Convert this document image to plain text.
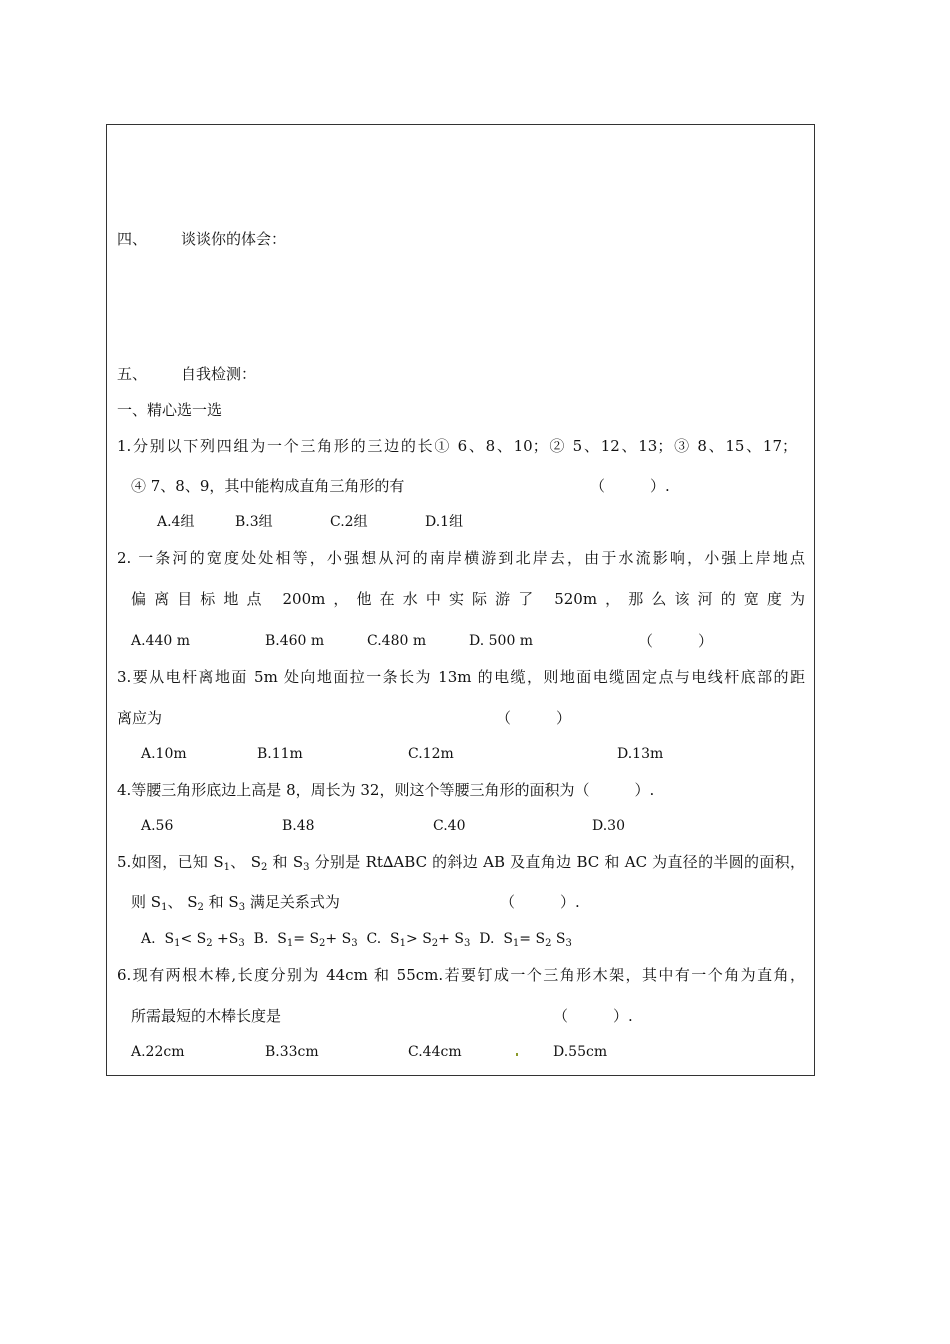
四、 谈谈你的体会：
五、 自我检测：
一、精心选一选
1.分别以下列四组为一个三角形的三边的长① 6、8、10；② 5、12、13；③ 8、15、17；
④ 7、8、9，其中能构成直角三角形的有	（　　　）.
A.4组	B.3组	C.2组	D.1组
2. 一条河的宽度处处相等，小强想从河的南岸横游到北岸去，由于水流影响，小强上岸地点
偏离目标地点 200m，他在水中实际游了 520m，那么该河的宽度为
A.440 m	B.460 m	C.480 m	D. 500 m	（　　　）
3.要从电杆离地面 5m 处向地面拉一条长为 13m 的电缆，则地面电缆固定点与电线杆底部的距
离应为	（　　　）
A.10m	B.11m	C.12m	D.13m
4.等腰三角形底边上高是 8，周长为 32，则这个等腰三角形的面积为（　　　）.
A.56	B.48	C.40	D.30
5.如图，已知 $S_1$、 $S_2$ 和 $S_3$ 分别是 Rt∆ABC 的斜边 AB 及直角边 BC 和 AC 为直径的半圆的面积，
则 $S_1$、 $S_2$ 和 $S_3$ 满足关系式为	（　　　）.
A.  $S_1< S_2 +S_3$  B.  $S_1= S_2+ S_3$  C.  $S_1> S_2+ S_3$  D.  $S_1= S_2$ $S_3$
6.现有两根木棒,长度分别为 44cm 和 55cm.若要钉成一个三角形木架，其中有一个角为直角，
所需最短的木棒长度是	（　　　）.
A.22cm	B.33cm	C.44cm	D.55cm
